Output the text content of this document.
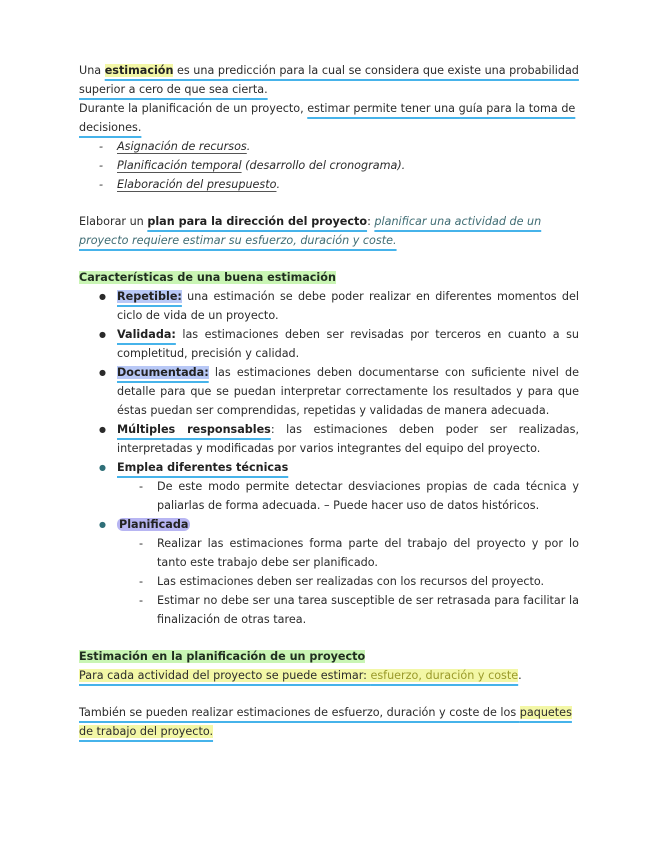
Una estimación es una predicción para la cual se considera que existe una probabilidad superior a cero de que sea cierta.

Durante la planificación de un proyecto, estimar permite tener una guía para la toma de decisiones.

- Asignación de recursos.
- Planificación temporal (desarrollo del cronograma).
- Elaboración del presupuesto.

Elaborar un plan para la dirección del proyecto: planificar una actividad de un proyecto requiere estimar su esfuerzo, duración y coste.

Características de una buena estimación

● Repetible: una estimación se debe poder realizar en diferentes momentos del ciclo de vida de un proyecto.
● Validada: las estimaciones deben ser revisadas por terceros en cuanto a su completitud, precisión y calidad.
● Documentada: las estimaciones deben documentarse con suficiente nivel de detalle para que se puedan interpretar correctamente los resultados y para que éstas puedan ser comprendidas, repetidas y validadas de manera adecuada.
● Múltiples responsables: las estimaciones deben poder ser realizadas, interpretadas y modificadas por varios integrantes del equipo del proyecto.
● Emplea diferentes técnicas
- De este modo permite detectar desviaciones propias de cada técnica y paliarlas de forma adecuada. – Puede hacer uso de datos históricos.
● Planificada
- Realizar las estimaciones forma parte del trabajo del proyecto y por lo tanto este trabajo debe ser planificado.
- Las estimaciones deben ser realizadas con los recursos del proyecto.
- Estimar no debe ser una tarea susceptible de ser retrasada para facilitar la finalización de otras tarea.

Estimación en la planificación de un proyecto

Para cada actividad del proyecto se puede estimar: esfuerzo, duración y coste.

También se pueden realizar estimaciones de esfuerzo, duración y coste de los paquetes de trabajo del proyecto.
